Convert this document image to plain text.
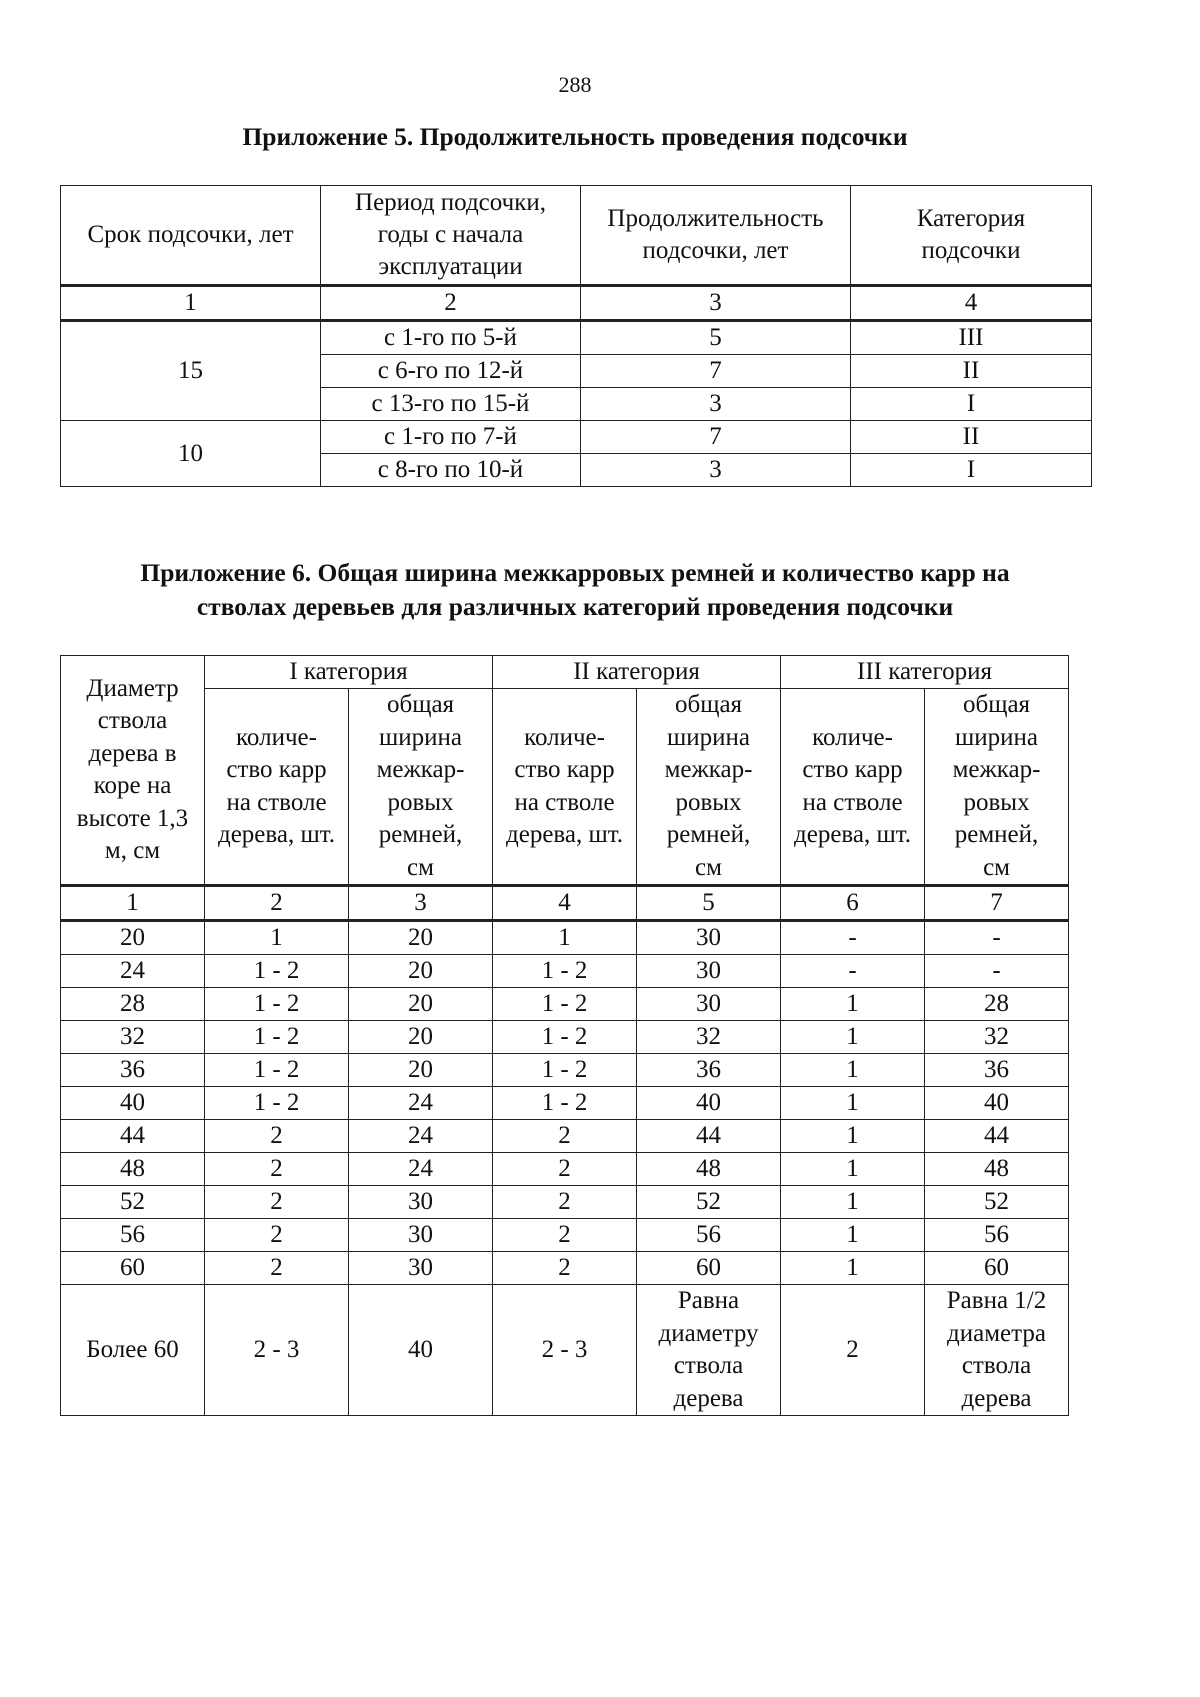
288
Приложение 5. Продолжительность проведения подсочки
Срок подсочки, лет	Период подсочки, годы с начала эксплуатации	Продолжительность подсочки, лет	Категория подсочки
1	2	3	4
15	с 1-го по 5-й	5	III
	с 6-го по 12-й	7	II
	с 13-го по 15-й	3	I
10	с 1-го по 7-й	7	II
	с 8-го по 10-й	3	I
Приложение 6. Общая ширина межкарровых ремней и количество карр на
стволах деревьев для различных категорий проведения подсочки
Диаметр ствола дерева в коре на высоте 1,3 м, см	I категория		II категория		III категория	
	количе-ство карр на стволе дерева, шт.	общая ширина межкар-ровых ремней, см	количе-ство карр на стволе дерева, шт.	общая ширина межкар-ровых ремней, см	количе-ство карр на стволе дерева, шт.	общая ширина межкар-ровых ремней, см
1	2	3	4	5	6	7
20	1	20	1	30	-	-
24	1 - 2	20	1 - 2	30	-	-
28	1 - 2	20	1 - 2	30	1	28
32	1 - 2	20	1 - 2	32	1	32
36	1 - 2	20	1 - 2	36	1	36
40	1 - 2	24	1 - 2	40	1	40
44	2	24	2	44	1	44
48	2	24	2	48	1	48
52	2	30	2	52	1	52
56	2	30	2	56	1	56
60	2	30	2	60	1	60
Более 60	2 - 3	40	2 - 3	Равна диаметру ствола дерева	2	Равна 1/2 диаметра ствола дерева
